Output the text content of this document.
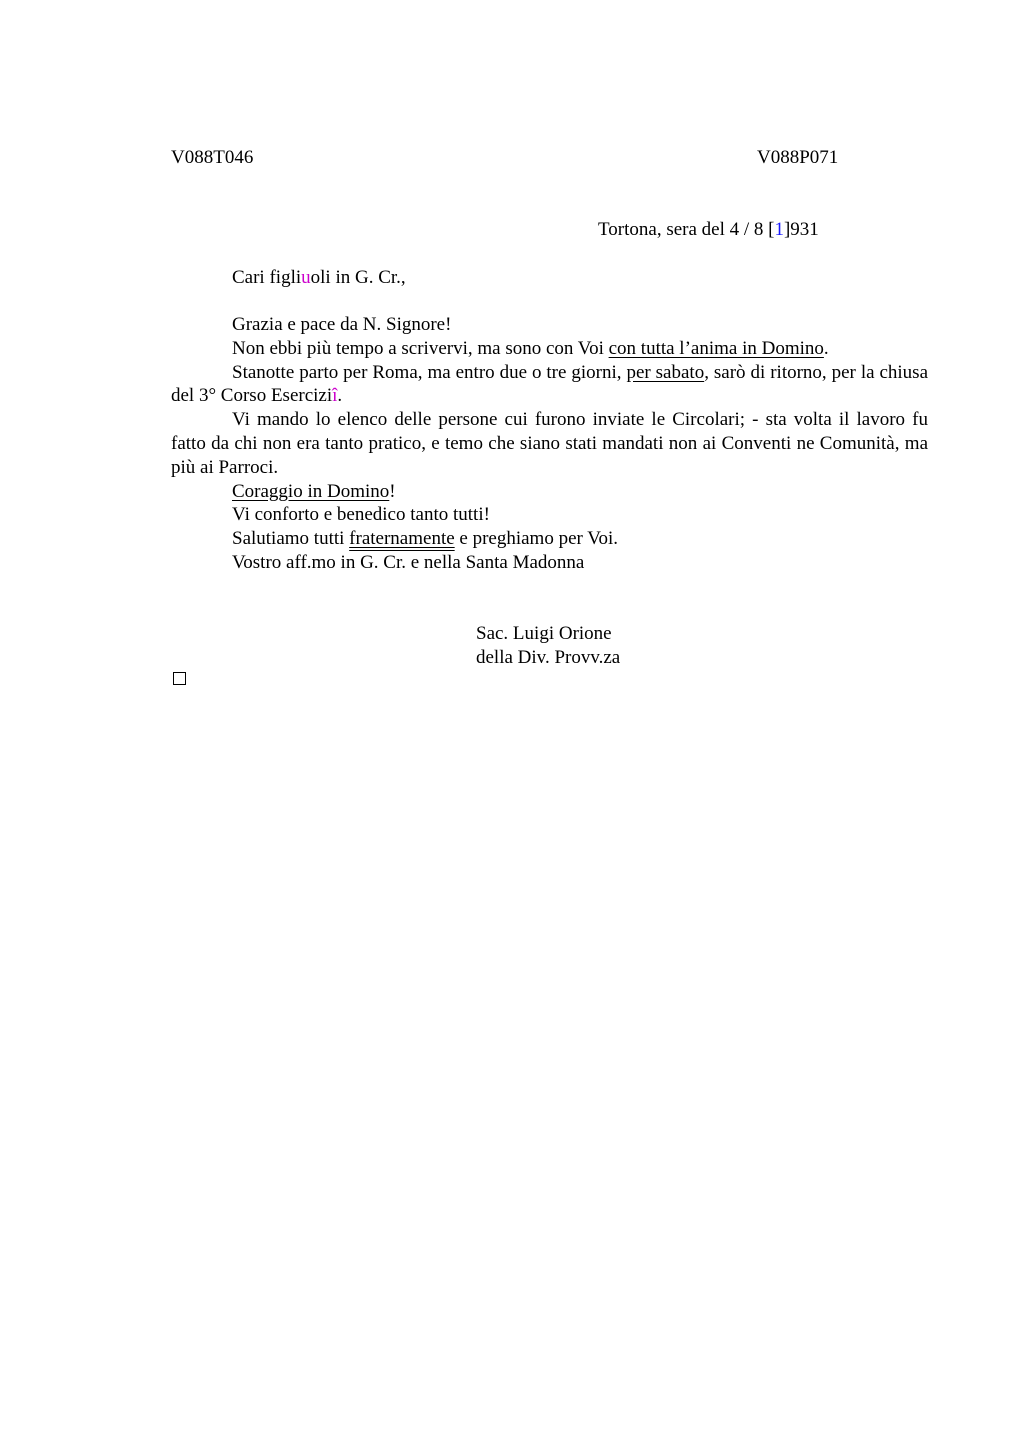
V088T046	V088P071
Tortona, sera del 4 / 8 [1]931
Cari figliuoli in G. Cr.,

Grazia e pace da N. Signore!

Non ebbi più tempo a scrivervi, ma sono con Voi con tutta l’anima in Domino.

Stanotte parto per Roma, ma entro due o tre giorni, per sabato, sarò di ritorno, per la chiusa del 3° Corso Eserciziî.

Vi mando lo elenco delle persone cui furono inviate le Circolari; - sta volta il lavoro fu fatto da chi non era tanto pratico, e temo che siano stati mandati non ai Conventi ne Comunità, ma più ai Parroci.

Coraggio in Domino!

Vi conforto e benedico tanto tutti!

Salutiamo tutti fraternamente e preghiamo per Voi.

Vostro aff.mo in G. Cr. e nella Santa Madonna

Sac. Luigi Orione
della Div. Provv.za
